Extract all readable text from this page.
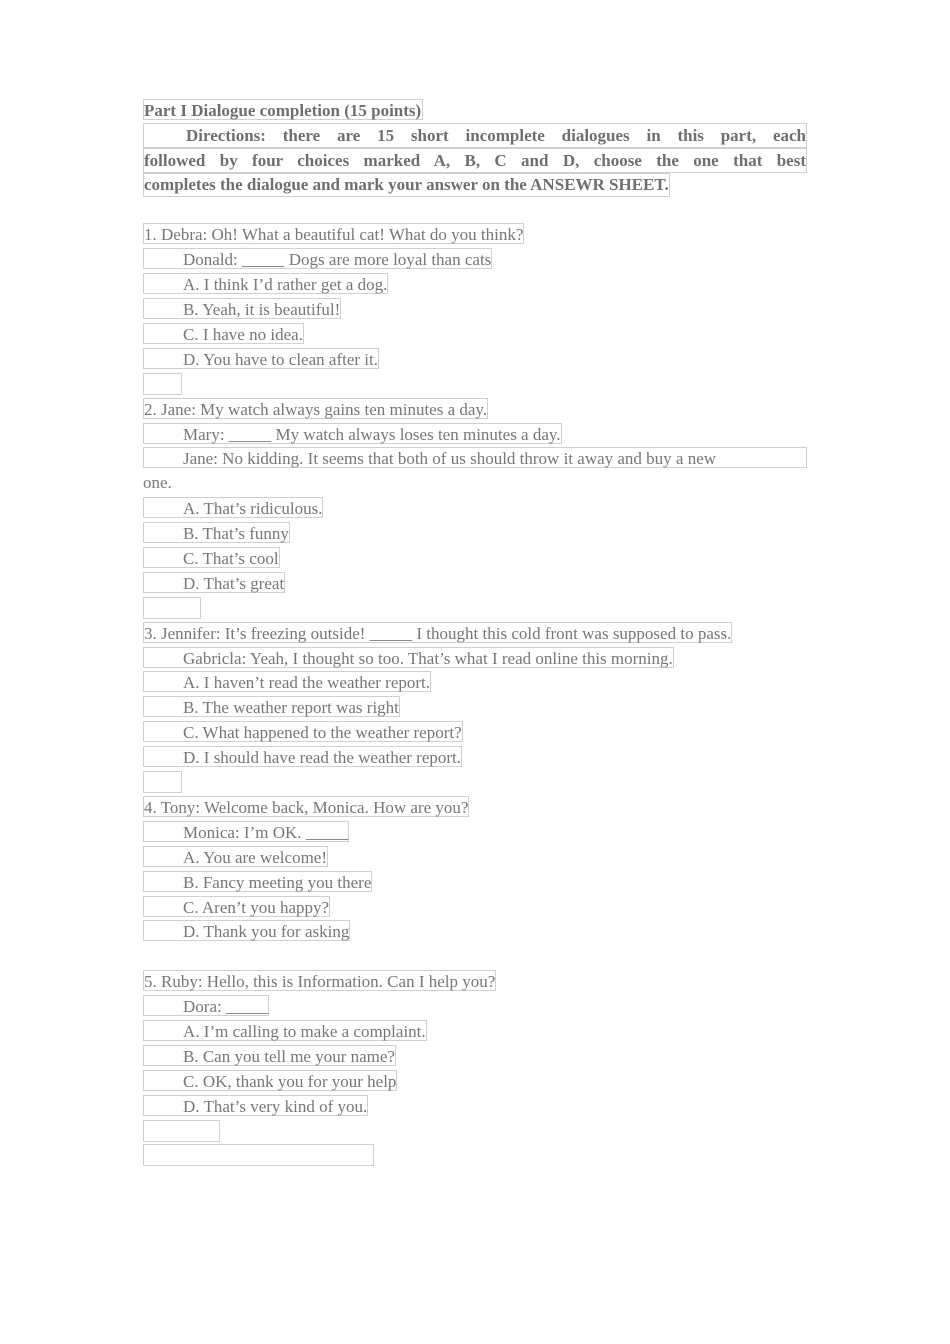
Part I Dialogue completion (15 points)
Directions: there are 15 short incomplete dialogues in this part, each
followed by four choices marked A, B, C and D, choose the one that best
completes the dialogue and mark your answer on the ANSEWR SHEET.
1. Debra: Oh! What a beautiful cat! What do you think?
Donald: _____ Dogs are more loyal than cats
A. I think I’d rather get a dog.
B. Yeah, it is beautiful!
C. I have no idea.
D. You have to clean after it.
2. Jane: My watch always gains ten minutes a day.
Mary: _____ My watch always loses ten minutes a day.
Jane: No kidding. It seems that both of us should throw it away and buy a new
one.
A. That’s ridiculous.
B. That’s funny
C. That’s cool
D. That’s great
3. Jennifer: It’s freezing outside! _____ I thought this cold front was supposed to pass.
Gabricla: Yeah, I thought so too. That’s what I read online this morning.
A. I haven’t read the weather report.
B. The weather report was right
C. What happened to the weather report?
D. I should have read the weather report.
4. Tony: Welcome back, Monica. How are you?
Monica: I’m OK. _____
A. You are welcome!
B. Fancy meeting you there
C. Aren’t you happy?
D. Thank you for asking
5. Ruby: Hello, this is Information. Can I help you?
Dora: _____
A. I’m calling to make a complaint.
B. Can you tell me your name?
C. OK, thank you for your help
D. That’s very kind of you.
